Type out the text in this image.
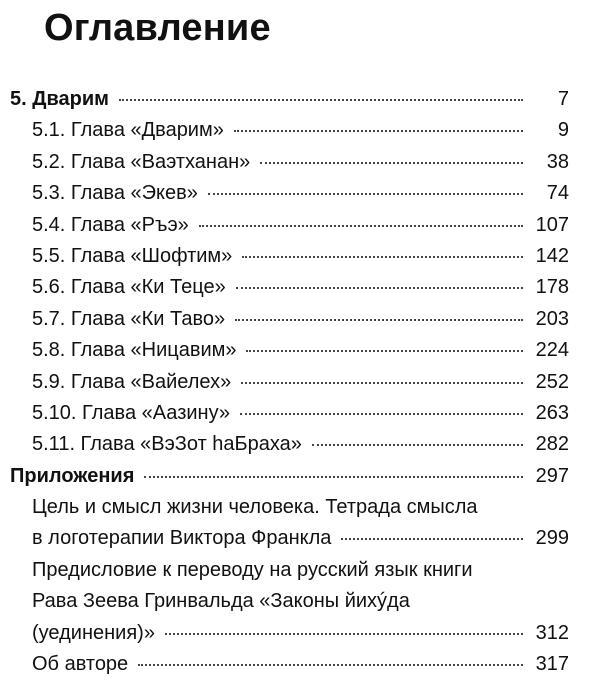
Оглавление
5. Дварим	7
5.1. Глава «Дварим»	9
5.2. Глава «Ваэтханан»	38
5.3. Глава «Экев»	74
5.4. Глава «Ръэ»	107
5.5. Глава «Шофтим»	142
5.6. Глава «Ки Теце»	178
5.7. Глава «Ки Таво»	203
5.8. Глава «Ницавим»	224
5.9. Глава «Вайелех»	252
5.10. Глава «Аазину»	263
5.11. Глава «ВэЗот hаБраха»	282
Приложения	297
Цель и смысл жизни человека. Тетрада смысла
в логотерапии Виктора Франкла	299
Предисловие к переводу на русский язык книги
Рава Зеева Гринвальда «Законы йихýда
(уединения)»	312
Об авторе	317
